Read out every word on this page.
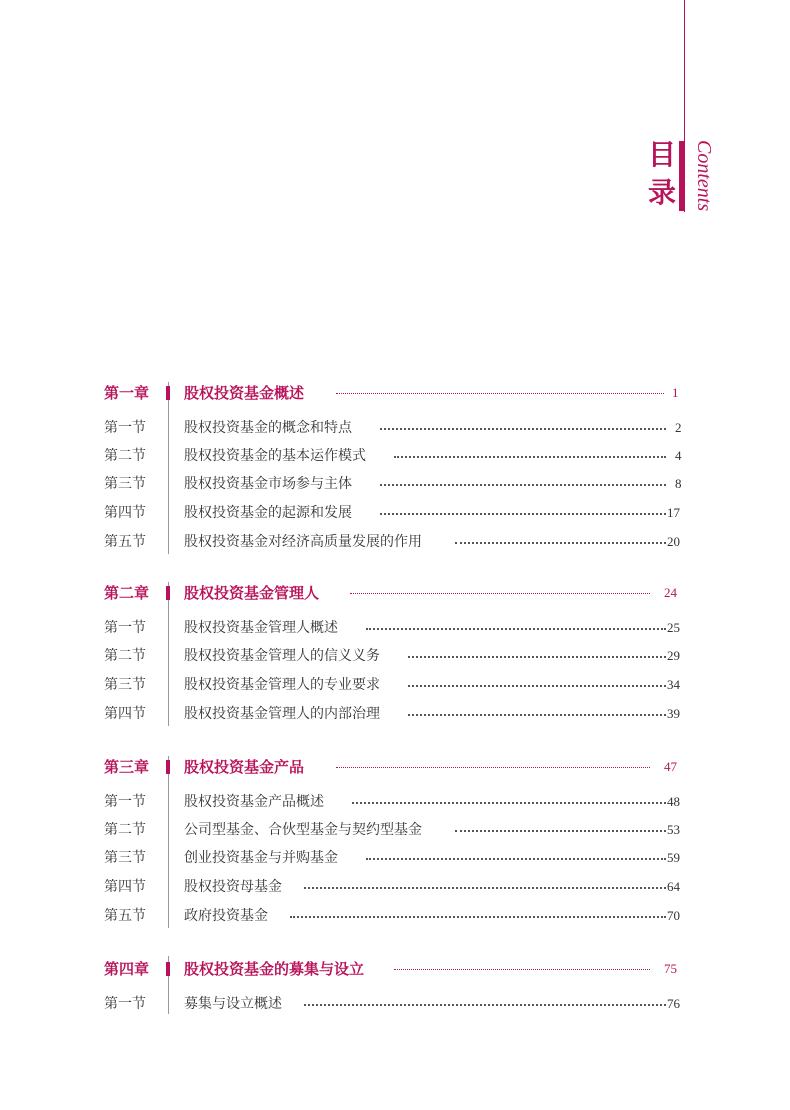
目
录 Contents
第一章 股权投资基金概述	1
第一节	股权投资基金的概念和特点	2
第二节	股权投资基金的基本运作模式	4
第三节	股权投资基金市场参与主体	8
第四节	股权投资基金的起源和发展	17
第五节	股权投资基金对经济高质量发展的作用	20
第二章 股权投资基金管理人	24
第一节	股权投资基金管理人概述	25
第二节	股权投资基金管理人的信义义务	29
第三节	股权投资基金管理人的专业要求	34
第四节	股权投资基金管理人的内部治理	39
第三章 股权投资基金产品	47
第一节	股权投资基金产品概述	48
第二节	公司型基金、合伙型基金与契约型基金	53
第三节	创业投资基金与并购基金	59
第四节	股权投资母基金	64
第五节	政府投资基金	70
第四章 股权投资基金的募集与设立	75
第一节	募集与设立概述	76
